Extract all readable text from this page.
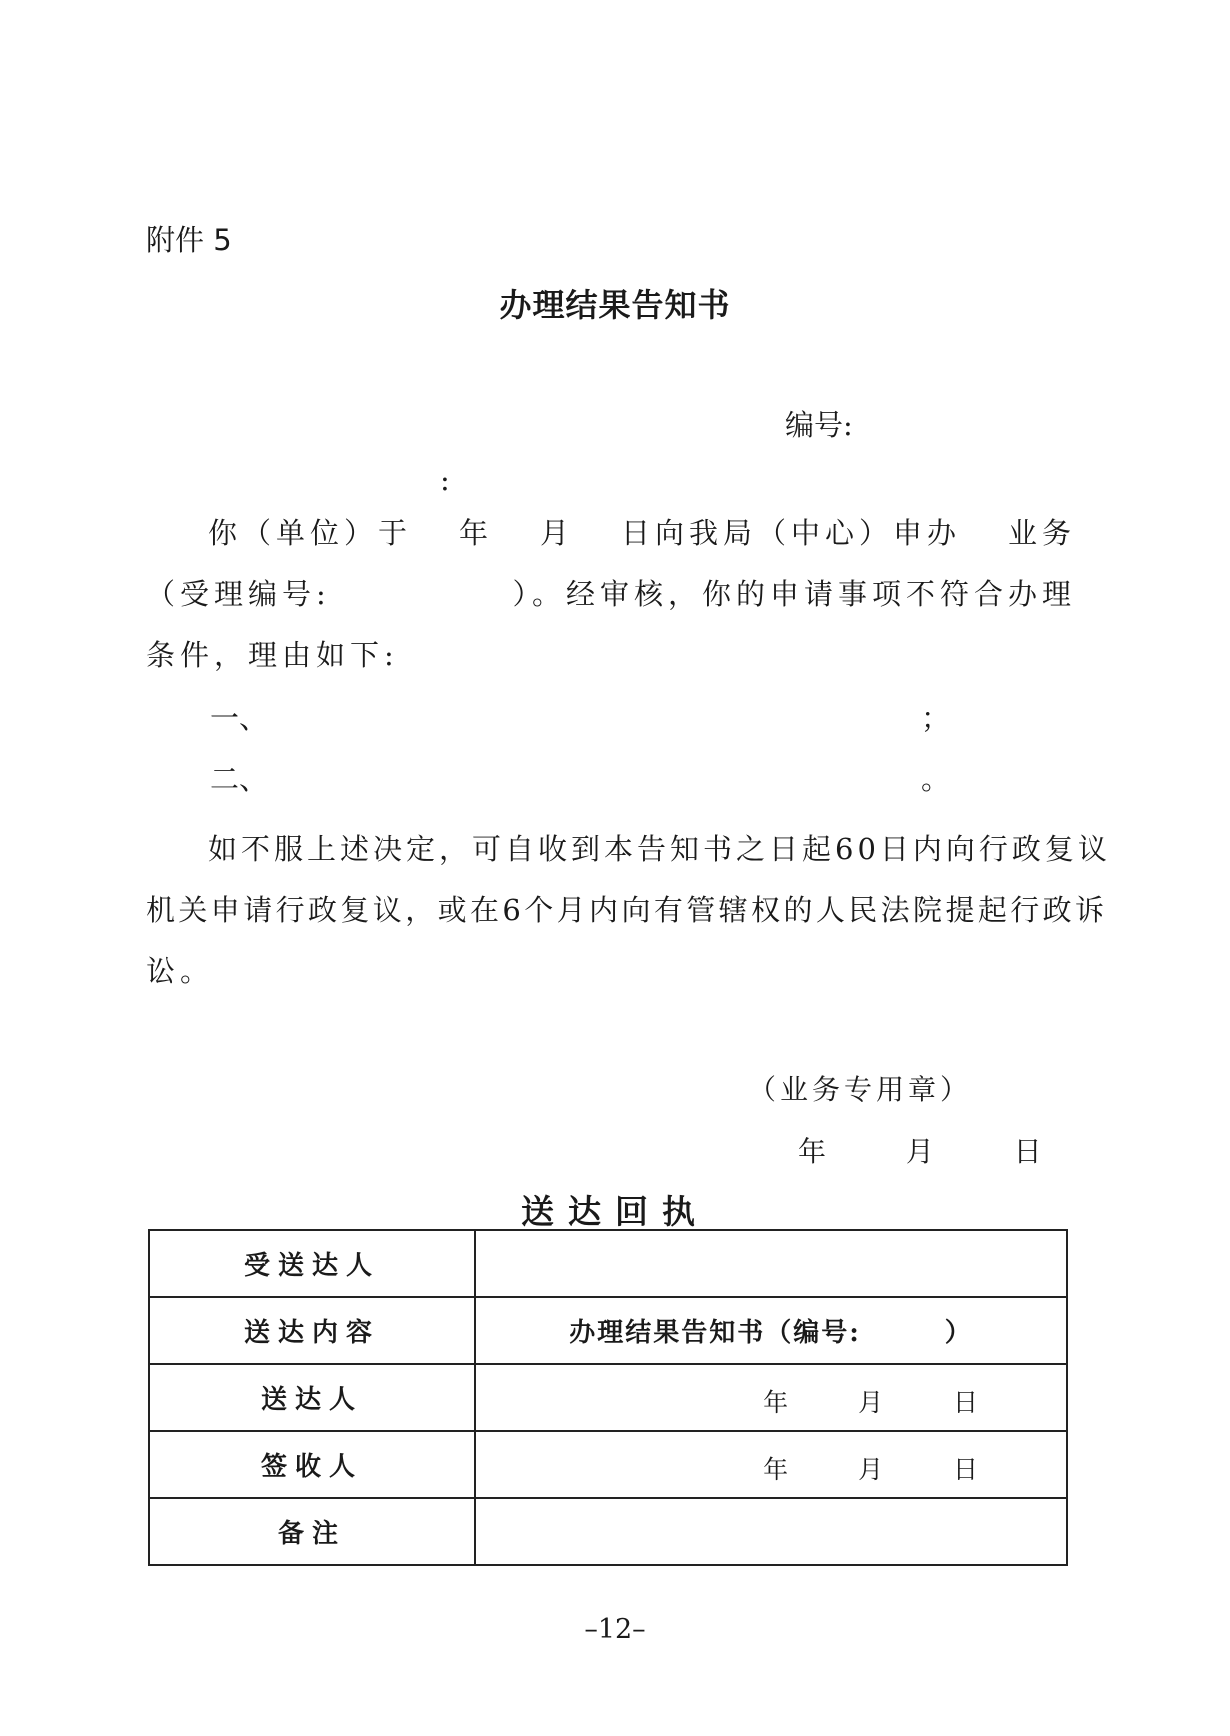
附件 5
办理结果告知书
编号:
:
你（单位）于 年 月 日向我局（中心）申办 业务
（受理编号:	）。经审核，你的申请事项不符合办理
条件，理由如下:
一、	；
二、	。
如不服上述决定，可自收到本告知书之日起60日内向行政复议
机关申请行政复议，或在6个月内向有管辖权的人民法院提起行政诉
讼。
（业务专用章）
年	月	日
送达回执
受送达人	
送达内容	办理结果告知书（编号:　　　）
送达人	年 月 日

签收人	年 月 日

备注	
–12–
